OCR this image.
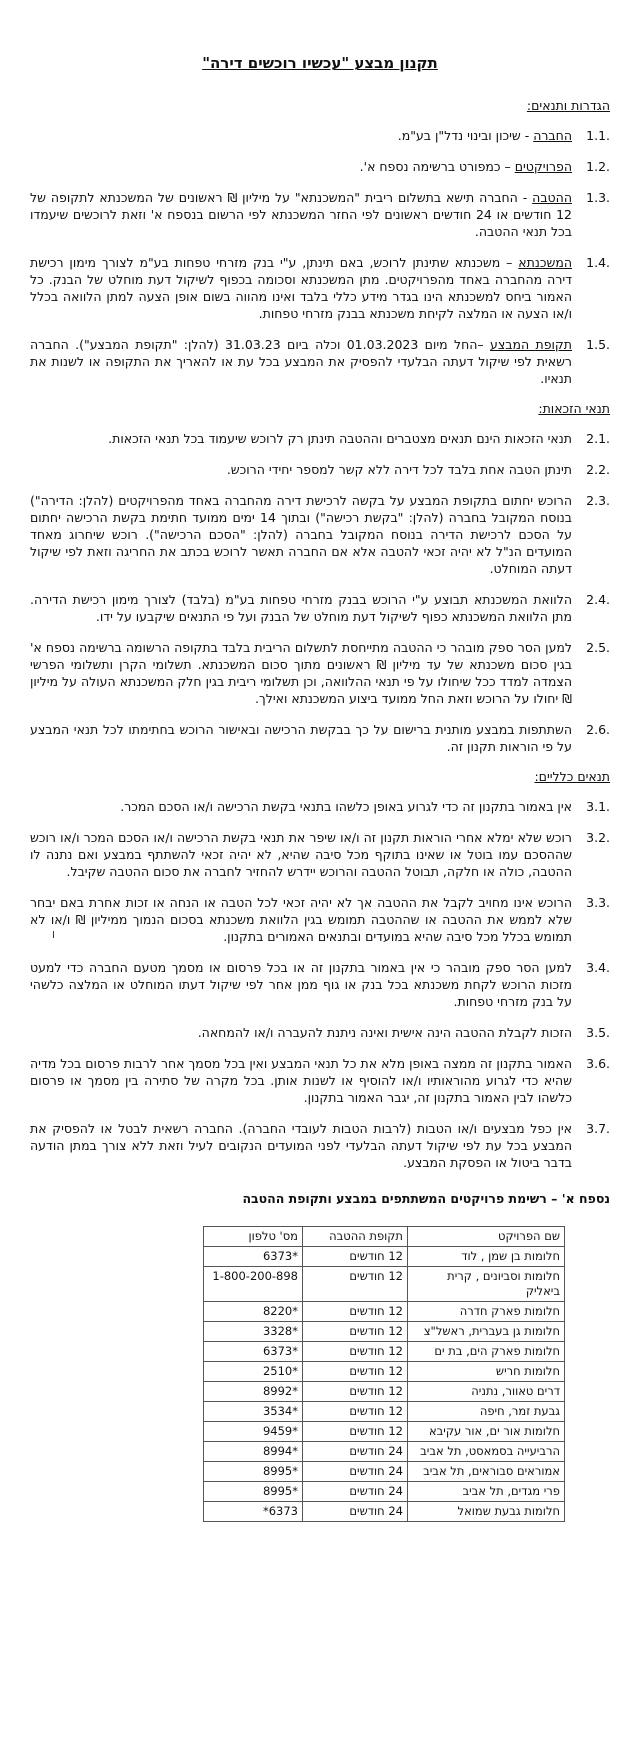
תקנון מבצע "עכשיו רוכשים דירה"
הגדרות ותנאים:
1.1.
החברה - שיכון ובינוי נדל"ן בע"מ.
1.2.
הפרויקטים – כמפורט ברשימה נספח א'.
1.3.
ההטבה - החברה תישא בתשלום ריבית "המשכנתא" על מיליון ₪ ראשונים של המשכנתא לתקופה של 12 חודשים או 24 חודשים ראשונים לפי החזר המשכנתא לפי הרשום בנספח א' וזאת לרוכשים שיעמדו בכל תנאי ההטבה.
1.4.
המשכנתא – משכנתא שתינתן לרוכש, באם תינתן, ע"י בנק מזרחי טפחות בע"מ לצורך מימון רכישת דירה מהחברה באחד מהפרויקטים. מתן המשכנתא וסכומה בכפוף לשיקול דעת מוחלט של הבנק. כל האמור ביחס למשכנתא הינו בגדר מידע כללי בלבד ואינו מהווה בשום אופן הצעה למתן הלוואה בכלל ו/או הצעה או המלצה לקיחת משכנתא בבנק מזרחי טפחות.
1.5.
תקופת המבצע –החל מיום 01.03.2023 וכלה ביום 31.03.23 (להלן: "תקופת המבצע"). החברה רשאית לפי שיקול דעתה הבלעדי להפסיק את המבצע בכל עת או להאריך את התקופה או לשנות את תנאיו.
תנאי הזכאות:
2.1.
תנאי הזכאות הינם תנאים מצטברים וההטבה תינתן רק לרוכש שיעמוד בכל תנאי הזכאות.
2.2.
תינתן הטבה אחת בלבד לכל דירה ללא קשר למספר יחידי הרוכש.
2.3.
הרוכש יחתום בתקופת המבצע על בקשה לרכישת דירה מהחברה באחד מהפרויקטים (להלן: הדירה") בנוסח המקובל בחברה (להלן: "בקשת רכישה") ובתוך 14 ימים ממועד חתימת בקשת הרכישה יחתום על הסכם לרכישת הדירה בנוסח המקובל בחברה (להלן: "הסכם הרכישה"). רוכש שיחרוג מאחד המועדים הנ"ל לא יהיה זכאי להטבה אלא אם החברה תאשר לרוכש בכתב את החריגה וזאת לפי שיקול דעתה המוחלט.
2.4.
הלוואת המשכנתא תבוצע ע"י הרוכש בבנק מזרחי טפחות בע"מ (בלבד) לצורך מימון רכישת הדירה. מתן הלוואת המשכנתא כפוף לשיקול דעת מוחלט של הבנק ועל פי התנאים שיקבעו על ידו.
2.5.
למען הסר ספק מובהר כי ההטבה מתייחסת לתשלום הריבית בלבד בתקופה הרשומה ברשימה נספח א' בגין סכום משכנתא של עד מיליון ₪ ראשונים מתוך סכום המשכנתא. תשלומי הקרן ותשלומי הפרשי הצמדה למדד ככל שיחולו על פי תנאי ההלוואה, וכן תשלומי ריבית בגין חלק המשכנתא העולה על מיליון ₪ יחולו על הרוכש וזאת החל ממועד ביצוע המשכנתא ואילך.
2.6.
השתתפות במבצע מותנית ברישום על כך בבקשת הרכישה ובאישור הרוכש בחתימתו לכל תנאי המבצע על פי הוראות תקנון זה.
תנאים כלליים:
3.1.
אין באמור בתקנון זה כדי לגרוע באופן כלשהו בתנאי בקשת הרכישה ו/או הסכם המכר.
3.2.
רוכש שלא ימלא אחרי הוראות תקנון זה ו/או שיפר את תנאי בקשת הרכישה ו/או הסכם המכר ו/או רוכש שההסכם עמו בוטל או שאינו בתוקף מכל סיבה שהיא, לא יהיה זכאי להשתתף במבצע ואם נתנה לו ההטבה, כולה או חלקה, תבוטל ההטבה והרוכש יידרש להחזיר לחברה את סכום ההטבה שקיבל.
3.3.
הרוכש אינו מחויב לקבל את ההטבה אך לא יהיה זכאי לכל הטבה או הנחה או זכות אחרת באם יבחר שלא לממש את ההטבה או שההטבה תמומש בגין הלוואת משכנתא בסכום הנמוך ממיליון ₪ ו/או לא תמומש בכלל מכל סיבה שהיא במועדים ובתנאים האמורים בתקנון.
3.4.
למען הסר ספק מובהר כי אין באמור בתקנון זה או בכל פרסום או מסמך מטעם החברה כדי למעט מזכות הרוכש לקחת משכנתא בכל בנק או גוף ממן אחר לפי שיקול דעתו המוחלט או המלצה כלשהי על בנק מזרחי טפחות.
3.5.
הזכות לקבלת ההטבה הינה אישית ואינה ניתנת להעברה ו/או להמחאה.
3.6.
האמור בתקנון זה ממצה באופן מלא את כל תנאי המבצע ואין בכל מסמך אחר לרבות פרסום בכל מדיה שהיא כדי לגרוע מהוראותיו ו/או להוסיף או לשנות אותן. בכל מקרה של סתירה בין מסמך או פרסום כלשהו לבין האמור בתקנון זה, יגבר האמור בתקנון.
3.7.
אין כפל מבצעים ו/או הטבות (לרבות הטבות לעובדי החברה). החברה רשאית לבטל או להפסיק את המבצע בכל עת לפי שיקול דעתה הבלעדי לפני המועדים הנקובים לעיל וזאת ללא צורך במתן הודעה בדבר ביטול או הפסקת המבצע.
נספח א' – רשימת פרויקטים המשתתפים במבצע ותקופת ההטבה
שם הפרויקט	תקופת ההטבה	מס' טלפון
חלומות בן שמן , לוד	12 חודשים	6373*
חלומות וסביונים , קרית ביאליק	12 חודשים	1-800-200-898
חלומות פארק חדרה	12 חודשים	8220*
חלומות גן בעברית, ראשל"צ	12 חודשים	3328*
חלומות פארק הים, בת ים	12 חודשים	6373*
חלומות חריש	12 חודשים	2510*
דרים טאוור, נתניה	12 חודשים	8992*
גבעת זמר, חיפה	12 חודשים	3534*
חלומות אור ים, אור עקיבא	12 חודשים	9459*
הרביעייה בסמאסט, תל אביב	24 חודשים	8994*
אמוראים סבוראים, תל אביב	24 חודשים	8995*
פרי מגדים, תל אביב	24 חודשים	8995*
חלומות גבעת שמואל	24 חודשים	*6373
I
